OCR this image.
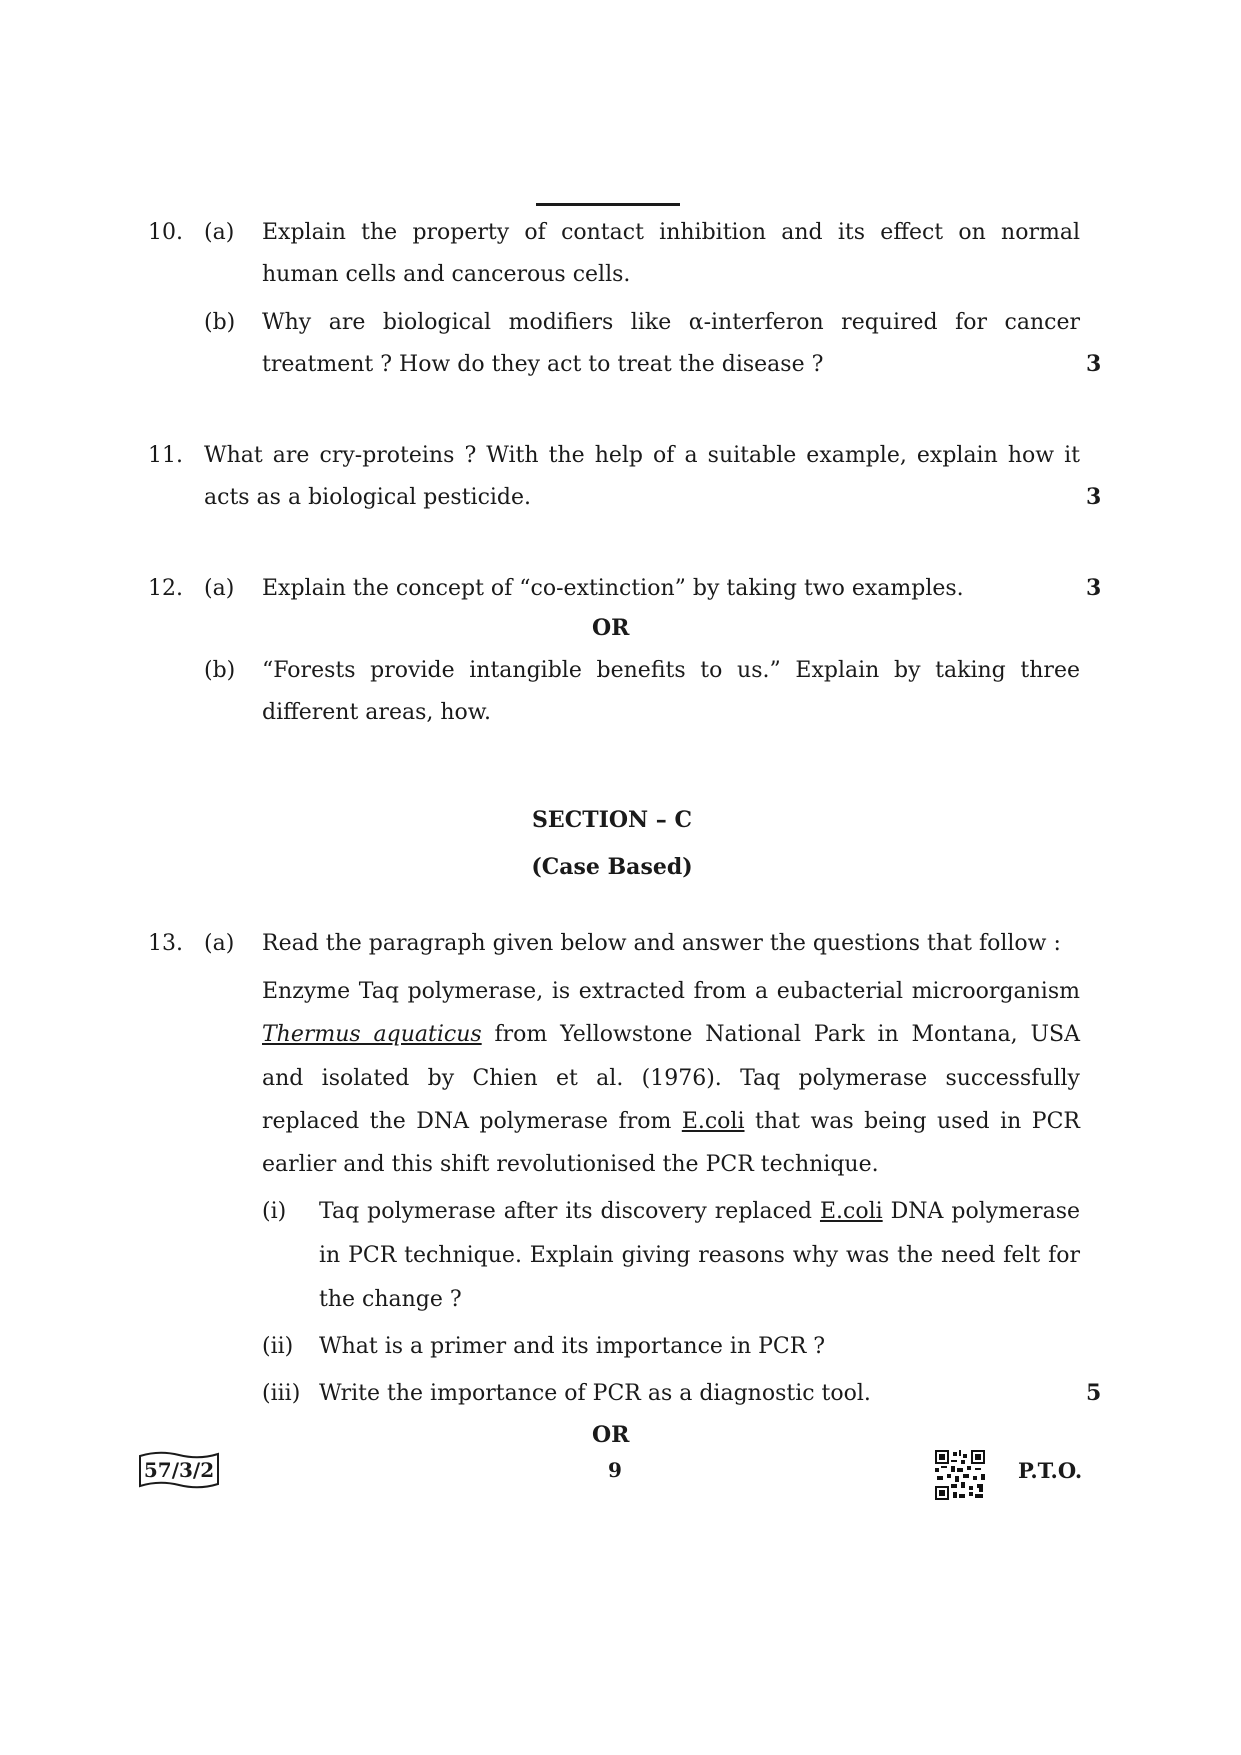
10. (a) Explain the property of contact inhibition and its effect on normal
human cells and cancerous cells.
(b) Why are biological modifiers like α-interferon required for cancer
treatment ? How do they act to treat the disease ?	3
11. What are cry-proteins ? With the help of a suitable example, explain how it
acts as a biological pesticide.	3
12. (a) Explain the concept of “co-extinction” by taking two examples.	3
OR
(b) “Forests provide intangible benefits to us.” Explain by taking three
different areas, how.
SECTION – C
(Case Based)
13. (a) Read the paragraph given below and answer the questions that follow :
Enzyme Taq polymerase, is extracted from a eubacterial microorganism
Thermus aquaticus from Yellowstone National Park in Montana, USA
and isolated by Chien et al. (1976). Taq polymerase successfully
replaced the DNA polymerase from E.coli that was being used in PCR
earlier and this shift revolutionised the PCR technique.
(i) Taq polymerase after its discovery replaced E.coli DNA polymerase
in PCR technique. Explain giving reasons why was the need felt for
the change ?
(ii) What is a primer and its importance in PCR ?
(iii) Write the importance of PCR as a diagnostic tool.	5
OR
57/3/2	9	P.T.O.
